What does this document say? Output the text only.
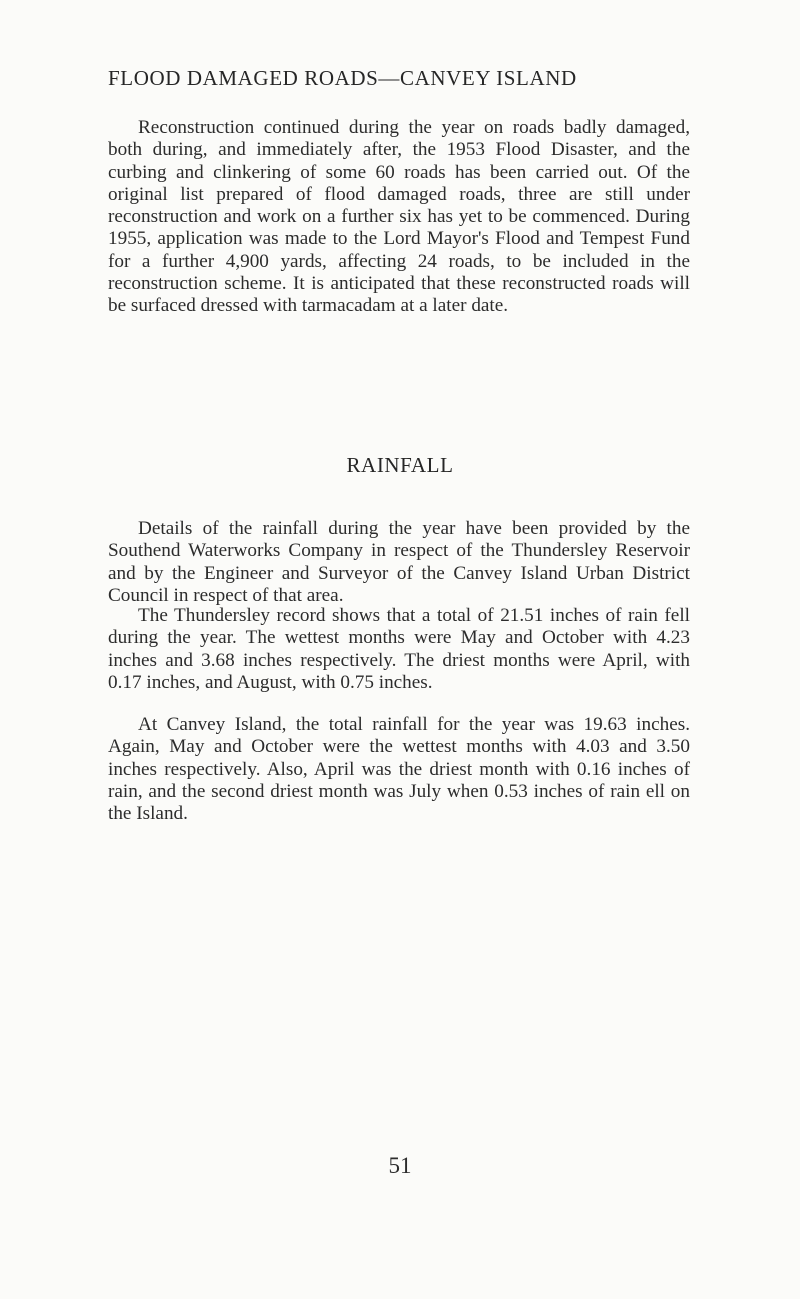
FLOOD DAMAGED ROADS—CANVEY ISLAND

Reconstruction continued during the year on roads badly damaged, both during, and immediately after, the 1953 Flood Disaster, and the curbing and clinkering of some 60 roads has been carried out. Of the original list prepared of flood damaged roads, three are still under reconstruction and work on a further six has yet to be commenced. During 1955, application was made to the Lord Mayor's Flood and Tempest Fund for a further 4,900 yards, affecting 24 roads, to be included in the reconstruction scheme. It is anticipated that these reconstructed roads will be surfaced dressed with tarmacadam at a later date.

RAINFALL

Details of the rainfall during the year have been provided by the Southend Waterworks Company in respect of the Thundersley Reservoir and by the Engineer and Surveyor of the Canvey Island Urban District Council in respect of that area.

The Thundersley record shows that a total of 21.51 inches of rain fell during the year. The wettest months were May and October with 4.23 inches and 3.68 inches respectively. The driest months were April, with 0.17 inches, and August, with 0.75 inches.

At Canvey Island, the total rainfall for the year was 19.63 inches. Again, May and October were the wettest months with 4.03 and 3.50 inches respectively. Also, April was the driest month with 0.16 inches of rain, and the second driest month was July when 0.53 inches of rain ell on the Island.

51
